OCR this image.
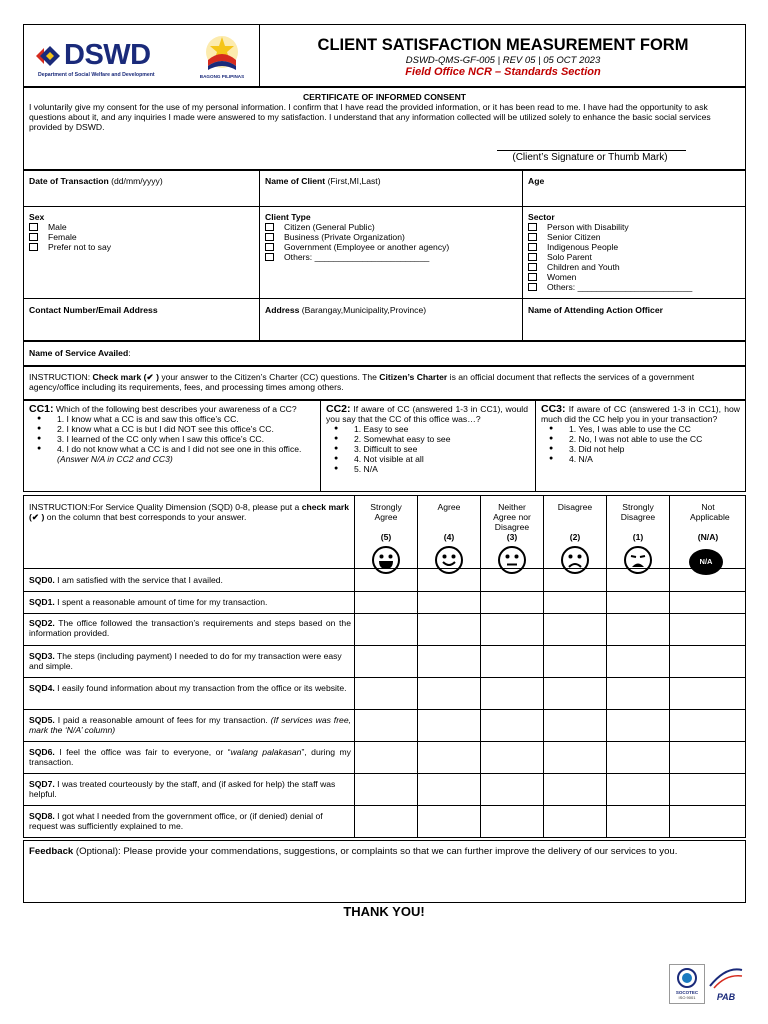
DSWD
Department of Social Welfare and Development	BAGONG PILIPINAS
CLIENT SATISFACTION MEASUREMENT FORM
DSWD-QMS-GF-005 | REV 05 | 05 OCT 2023
Field Office NCR – Standards Section
CERTIFICATE OF INFORMED CONSENT
I voluntarily give my consent for the use of my personal information. I confirm that I have read the provided information, or it has been read to me. I have had the opportunity to ask questions about it, and any inquiries I made were answered to my satisfaction. I understand that any information collected will be utilized solely to enhance the basic social services provided by DSWD.
(Client’s Signature or Thumb Mark)
Date of Transaction (dd/mm/yyyy)	Name of Client (First,MI,Last)	Age
Sex
Male
Female
Prefer not to say
Client Type
Citizen (General Public)
Business (Private Organization)
Government (Employee or another agency)
Others: ________________________
Sector
Person with Disability
Senior Citizen
Indigenous People
Solo Parent
Children and Youth
Women
Others: ________________________
Contact Number/Email Address	Address (Barangay,Municipality,Province)	Name of Attending Action Officer
Name of Service Availed:
INSTRUCTION: Check mark (✔ ) your answer to the Citizen’s Charter (CC) questions. The Citizen’s Charter is an official document that reflects the services of a government agency/office including its requirements, fees, and processing times among others.
CC1: Which of the following best describes your awareness of a CC?
● 1. I know what a CC is and saw this office’s CC.
● 2. I know what a CC is but I did NOT see this office’s CC.
● 3. I learned of the CC only when I saw this office’s CC.
● 4. I do not know what a CC is and I did not see one in this office. (Answer N/A in CC2 and CC3)
CC2: If aware of CC (answered 1-3 in CC1), would you say that the CC of this office was…?
● 1. Easy to see
● 2. Somewhat easy to see
● 3. Difficult to see
● 4. Not visible at all
● 5. N/A
CC3: If aware of CC (answered 1-3 in CC1), how much did the CC help you in your transaction?
● 1. Yes, I was able to use the CC
● 2. No, I was not able to use the CC
● 3. Did not help
● 4. N/A
INSTRUCTION:For Service Quality Dimension (SQD) 0-8, please put a check mark (✔ ) on the column that best corresponds to your answer.
Strongly Agree
(5)
Agree
(4)
Neither Agree nor Disagree
(3)
Disagree
(2)
Strongly Disagree
(1)
Not Applicable
(N/A)
N/A
SQD0. I am satisfied with the service that I availed.
SQD1. I spent a reasonable amount of time for my transaction.
SQD2. The office followed the transaction’s requirements and steps based on the information provided.
SQD3. The steps (including payment) I needed to do for my transaction were easy and simple.
SQD4. I easily found information about my transaction from the office or its website.
SQD5. I paid a reasonable amount of fees for my transaction. (If services was free, mark the ‘N/A’ column)
SQD6. I feel the office was fair to everyone, or “walang palakasan”, during my transaction.
SQD7. I was treated courteously by the staff, and (if asked for help) the staff was helpful.
SQD8. I got what I needed from the government office, or (if denied) denial of request was sufficiently explained to me.
Feedback (Optional): Please provide your commendations, suggestions, or complaints so that we can further improve the delivery of our services to you.
THANK YOU!
SOCOTEC
ISO 9001	PAB
